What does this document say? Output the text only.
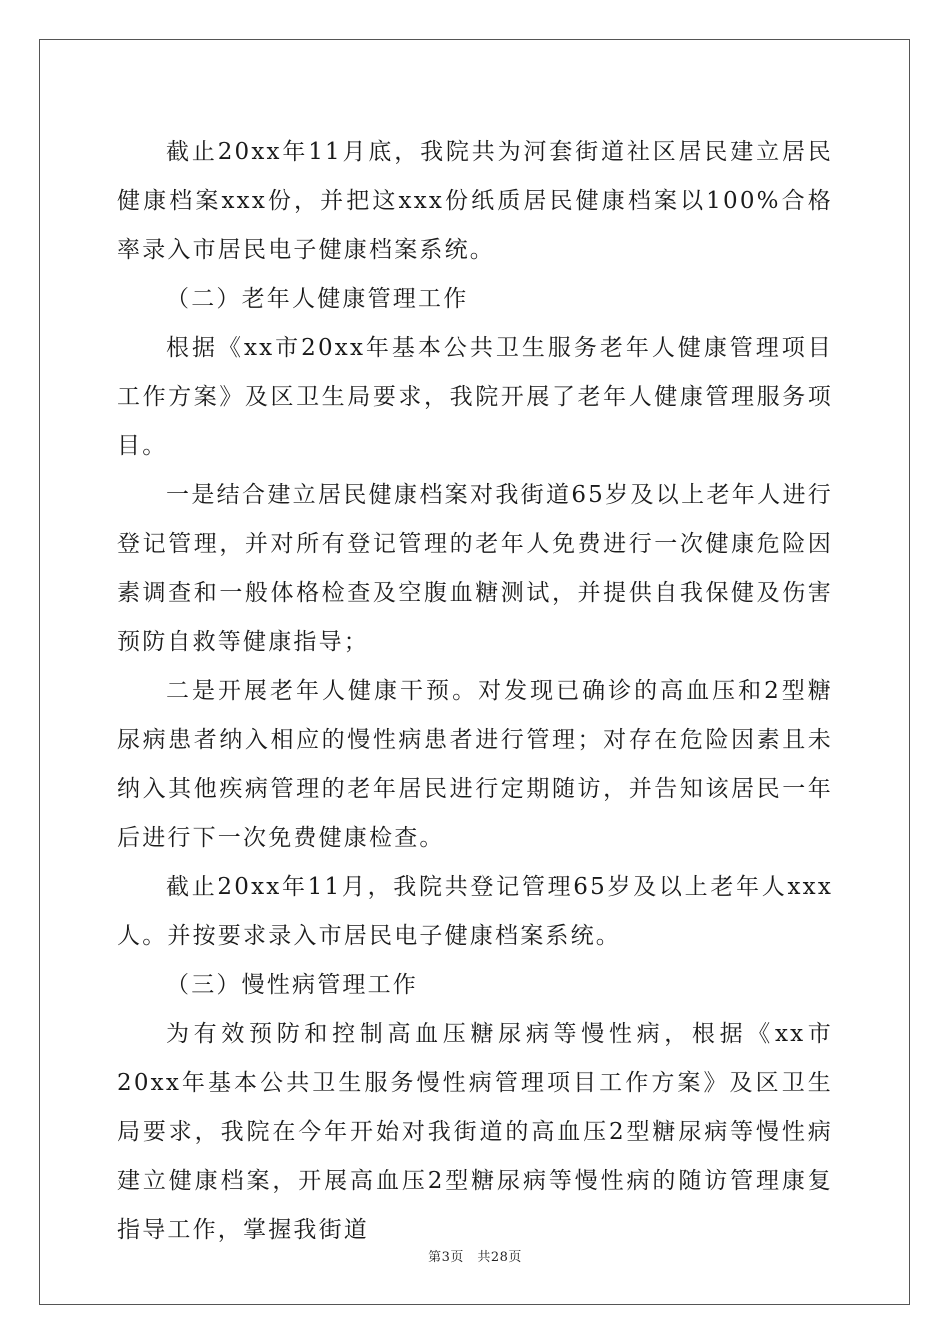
截止20xx年11月底，我院共为河套街道社区居民建立居民健康档案xxx份，并把这xxx份纸质居民健康档案以100%合格率录入市居民电子健康档案系统。

（二）老年人健康管理工作

根据《xx市20xx年基本公共卫生服务老年人健康管理项目工作方案》及区卫生局要求，我院开展了老年人健康管理服务项目。

一是结合建立居民健康档案对我街道65岁及以上老年人进行登记管理，并对所有登记管理的老年人免费进行一次健康危险因素调查和一般体格检查及空腹血糖测试，并提供自我保健及伤害预防自救等健康指导；

二是开展老年人健康干预。对发现已确诊的高血压和2型糖尿病患者纳入相应的慢性病患者进行管理；对存在危险因素且未纳入其他疾病管理的老年居民进行定期随访，并告知该居民一年后进行下一次免费健康检查。

截止20xx年11月，我院共登记管理65岁及以上老年人xxx人。并按要求录入市居民电子健康档案系统。

（三）慢性病管理工作

为有效预防和控制高血压糖尿病等慢性病，根据《xx市20xx年基本公共卫生服务慢性病管理项目工作方案》及区卫生局要求，我院在今年开始对我街道的高血压2型糖尿病等慢性病建立健康档案，开展高血压2型糖尿病等慢性病的随访管理康复指导工作，掌握我街道

第3页　共28页
